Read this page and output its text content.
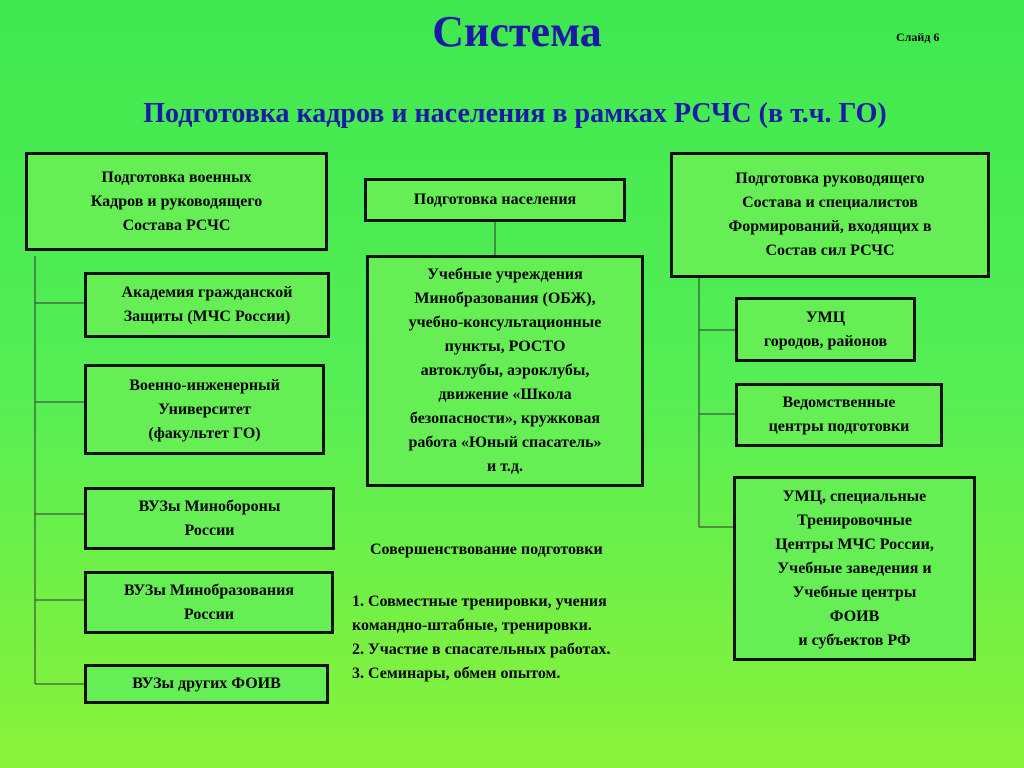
Система	Слайд 6
Подготовка кадров и населения в рамках РСЧС (в т.ч. ГО)
Подготовка военных
Кадров и руководящего
Состава РСЧС
Академия гражданской
Защиты (МЧС России)
Военно-инженерный
Университет
(факультет ГО)
ВУЗы Минобороны
России
ВУЗы Минобразования
России
ВУЗы других ФОИВ
Подготовка населения
Учебные учреждения
Минобразования (ОБЖ),
учебно-консультационные
пункты, РОСТО
автоклубы, аэроклубы,
движение «Школа
безопасности», кружковая
работа «Юный спасатель»
и т.д.
Совершенствование подготовки
1. Совместные тренировки, учения
командно-штабные, тренировки.
2. Участие в спасательных работах.
3. Семинары, обмен опытом.
Подготовка руководящего
Состава и специалистов
Формирований, входящих в
Состав сил РСЧС
УМЦ
городов, районов
Ведомственные
центры подготовки
УМЦ, специальные
Тренировочные
Центры МЧС России,
Учебные заведения и
Учебные центры
ФОИВ
и субъектов РФ
